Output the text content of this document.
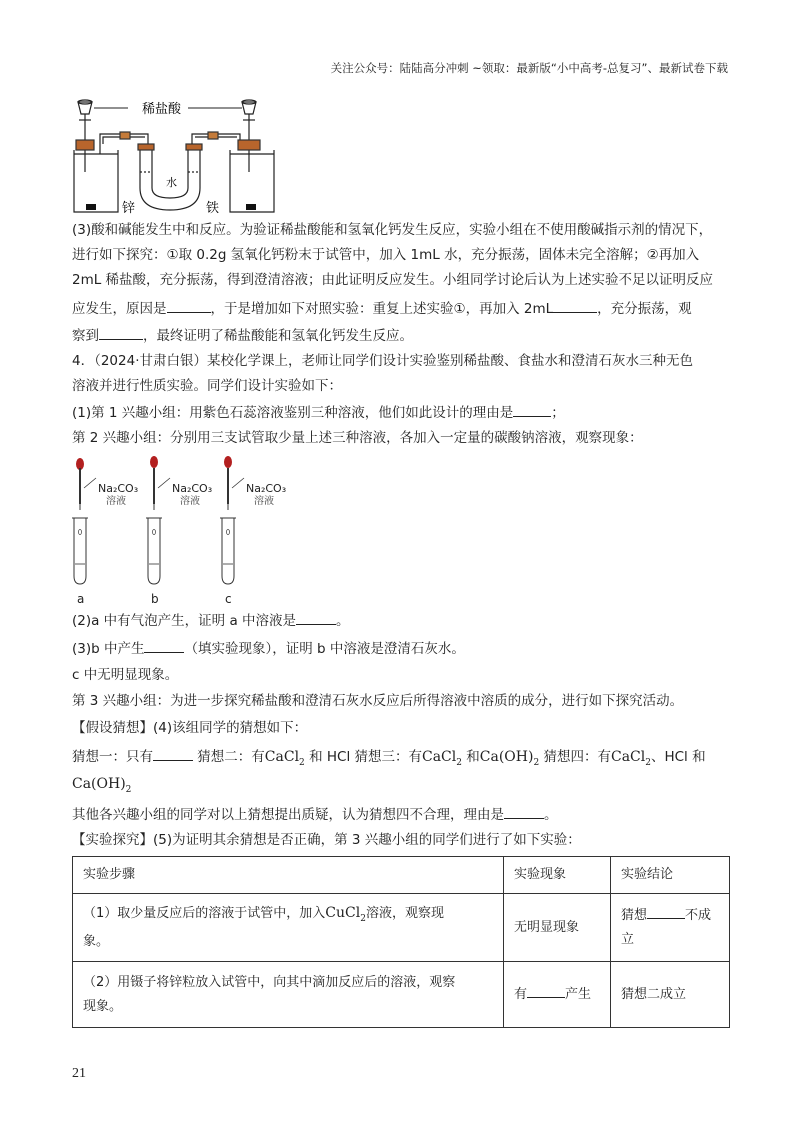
关注公众号：陆陆高分冲刺 ~领取：最新版“小中高考-总复习”、最新试卷下载
稀盐酸
水
锌	铁
(3)酸和碱能发生中和反应。为验证稀盐酸能和氢氧化钙发生反应，实验小组在不使用酸碱指示剂的情况下，
进行如下探究：①取 0.2g 氢氧化钙粉末于试管中，加入 1mL 水，充分振荡，固体未完全溶解；②再加入
2mL 稀盐酸，充分振荡，得到澄清溶液；由此证明反应发生。小组同学讨论后认为上述实验不足以证明反应
应发生，原因是	，于是增加如下对照实验：重复上述实验①，再加入 2mL	，充分振荡，观
察到	，最终证明了稀盐酸能和氢氧化钙发生反应。
4．（2024·甘肃白银）某校化学课上，老师让同学们设计实验鉴别稀盐酸、食盐水和澄清石灰水三种无色
溶液并进行性质实验。同学们设计实验如下：
(1)第 1 兴趣小组：用紫色石蕊溶液鉴别三种溶液，他们如此设计的理由是	；
第 2 兴趣小组：分别用三支试管取少量上述三种溶液，各加入一定量的碳酸钠溶液，观察现象：
Na₂CO₃
溶液
a
Na₂CO₃
溶液
b
Na₂CO₃
溶液
c
(2)a 中有气泡产生，证明 a 中溶液是	。
(3)b 中产生	（填实验现象），证明 b 中溶液是澄清石灰水。
c 中无明显现象。
第 3 兴趣小组：为进一步探究稀盐酸和澄清石灰水反应后所得溶液中溶质的成分，进行如下探究活动。
【假设猜想】(4)该组同学的猜想如下：
猜想一：只有	猜想二：有CaCl$_2$ 和 HCl 猜想三：有CaCl$_2$ 和$Ca(OH)_2$ 猜想四：有CaCl$_2$、HCl 和
$Ca(OH)_2$
其他各兴趣小组的同学对以上猜想提出质疑，认为猜想四不合理，理由是	。
【实验探究】(5)为证明其余猜想是否正确，第 3 兴趣小组的同学们进行了如下实验：
实验步骤	实验现象	实验结论
（1）取少量反应后的溶液于试管中，加入CuCl$_2$溶液，观察现
象。	无明显现象	猜想 不成
立
（2）用镊子将锌粒放入试管中，向其中滴加反应后的溶液，观察
现象。	有 产生	猜想二成立
21
